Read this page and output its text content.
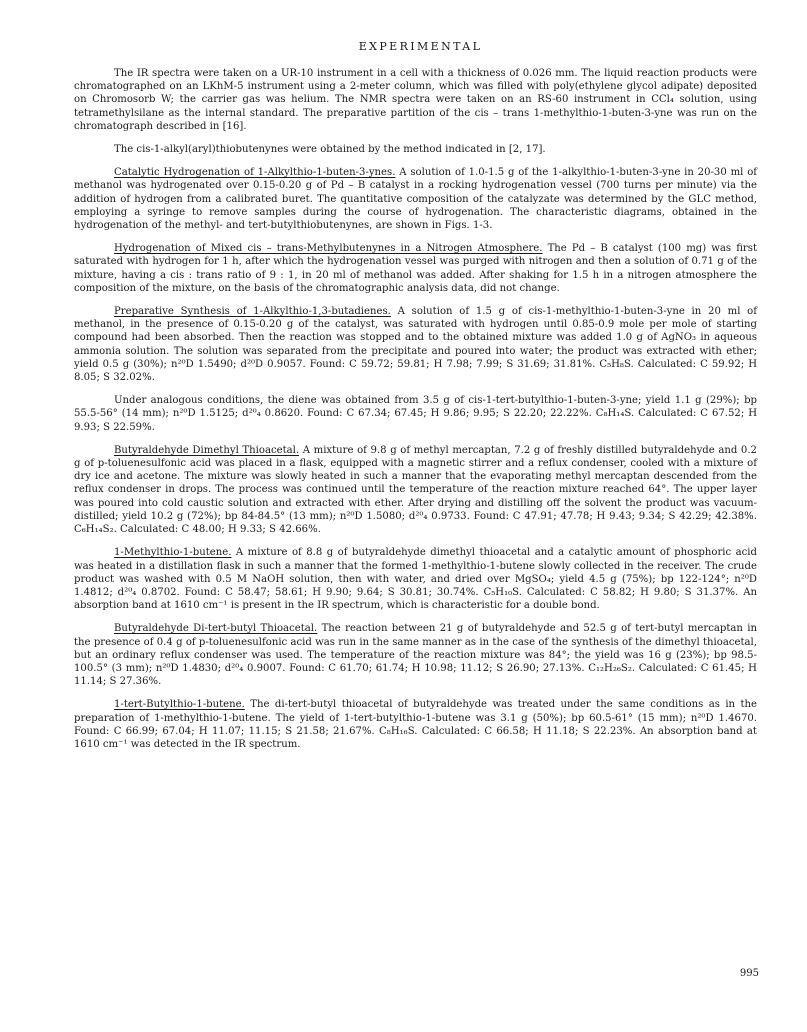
EXPERIMENTAL

The IR spectra were taken on a UR-10 instrument in a cell with a thickness of 0.026 mm. The liquid reaction products were chromatographed on an LKhM-5 instrument using a 2-meter column, which was filled with poly(ethylene glycol adipate) deposited on Chromosorb W; the carrier gas was helium. The NMR spectra were taken on an RS-60 instrument in CCl₄ solution, using tetramethylsilane as the internal standard. The preparative partition of the cis – trans 1-methylthio-1-buten-3-yne was run on the chromatograph described in [16].

The cis-1-alkyl(aryl)thiobutenynes were obtained by the method indicated in [2, 17].

Catalytic Hydrogenation of 1-Alkylthio-1-buten-3-ynes. A solution of 1.0-1.5 g of the 1-alkylthio-1-buten-3-yne in 20-30 ml of methanol was hydrogenated over 0.15-0.20 g of Pd – B catalyst in a rocking hydrogenation vessel (700 turns per minute) via the addition of hydrogen from a calibrated buret. The quantitative composition of the catalyzate was determined by the GLC method, employing a syringe to remove samples during the course of hydrogenation. The characteristic diagrams, obtained in the hydrogenation of the methyl- and tert-butylthiobutenynes, are shown in Figs. 1-3.

Hydrogenation of Mixed cis – trans-Methylbutenynes in a Nitrogen Atmosphere. The Pd – B catalyst (100 mg) was first saturated with hydrogen for 1 h, after which the hydrogenation vessel was purged with nitrogen and then a solution of 0.71 g of the mixture, having a cis : trans ratio of 9 : 1, in 20 ml of methanol was added. After shaking for 1.5 h in a nitrogen atmosphere the composition of the mixture, on the basis of the chromatographic analysis data, did not change.

Preparative Synthesis of 1-Alkylthio-1,3-butadienes. A solution of 1.5 g of cis-1-methylthio-1-buten-3-yne in 20 ml of methanol, in the presence of 0.15-0.20 g of the catalyst, was saturated with hydrogen until 0.85-0.9 mole per mole of starting compound had been absorbed. Then the reaction was stopped and to the obtained mixture was added 1.0 g of AgNO₃ in aqueous ammonia solution. The solution was separated from the precipitate and poured into water; the product was extracted with ether; yield 0.5 g (30%); n²⁰D 1.5490; d²⁰D 0.9057. Found: C 59.72; 59.81; H 7.98; 7.99; S 31.69; 31.81%. C₅H₈S. Calculated: C 59.92; H 8.05; S 32.02%.

Under analogous conditions, the diene was obtained from 3.5 g of cis-1-tert-butylthio-1-buten-3-yne; yield 1.1 g (29%); bp 55.5-56° (14 mm); n²⁰D 1.5125; d²⁰₄ 0.8620. Found: C 67.34; 67.45; H 9.86; 9.95; S 22.20; 22.22%. C₈H₁₄S. Calculated: C 67.52; H 9.93; S 22.59%.

Butyraldehyde Dimethyl Thioacetal. A mixture of 9.8 g of methyl mercaptan, 7.2 g of freshly distilled butyraldehyde and 0.2 g of p-toluenesulfonic acid was placed in a flask, equipped with a magnetic stirrer and a reflux condenser, cooled with a mixture of dry ice and acetone. The mixture was slowly heated in such a manner that the evaporating methyl mercaptan descended from the reflux condenser in drops. The process was continued until the temperature of the reaction mixture reached 64°. The upper layer was poured into cold caustic solution and extracted with ether. After drying and distilling off the solvent the product was vacuum-distilled; yield 10.2 g (72%); bp 84-84.5° (13 mm); n²⁰D 1.5080; d²⁰₄ 0.9733. Found: C 47.91; 47.78; H 9.43; 9.34; S 42.29; 42.38%. C₆H₁₄S₂. Calculated: C 48.00; H 9.33; S 42.66%.

1-Methylthio-1-butene. A mixture of 8.8 g of butyraldehyde dimethyl thioacetal and a catalytic amount of phosphoric acid was heated in a distillation flask in such a manner that the formed 1-methylthio-1-butene slowly collected in the receiver. The crude product was washed with 0.5 M NaOH solution, then with water, and dried over MgSO₄; yield 4.5 g (75%); bp 122-124°; n²⁰D 1.4812; d²⁰₄ 0.8702. Found: C 58.47; 58.61; H 9.90; 9.64; S 30.81; 30.74%. C₅H₁₀S. Calculated: C 58.82; H 9.80; S 31.37%. An absorption band at 1610 cm⁻¹ is present in the IR spectrum, which is characteristic for a double bond.

Butyraldehyde Di-tert-butyl Thioacetal. The reaction between 21 g of butyraldehyde and 52.5 g of tert-butyl mercaptan in the presence of 0.4 g of p-toluenesulfonic acid was run in the same manner as in the case of the synthesis of the dimethyl thioacetal, but an ordinary reflux condenser was used. The temperature of the reaction mixture was 84°; the yield was 16 g (23%); bp 98.5-100.5° (3 mm); n²⁰D 1.4830; d²⁰₄ 0.9007. Found: C 61.70; 61.74; H 10.98; 11.12; S 26.90; 27.13%. C₁₂H₂₆S₂. Calculated: C 61.45; H 11.14; S 27.36%.

1-tert-Butylthio-1-butene. The di-tert-butyl thioacetal of butyraldehyde was treated under the same conditions as in the preparation of 1-methylthio-1-butene. The yield of 1-tert-butylthio-1-butene was 3.1 g (50%); bp 60.5-61° (15 mm); n²⁰D 1.4670. Found: C 66.99; 67.04; H 11.07; 11.15; S 21.58; 21.67%. C₈H₁₆S. Calculated: C 66.58; H 11.18; S 22.23%. An absorption band at 1610 cm⁻¹ was detected in the IR spectrum.

995
